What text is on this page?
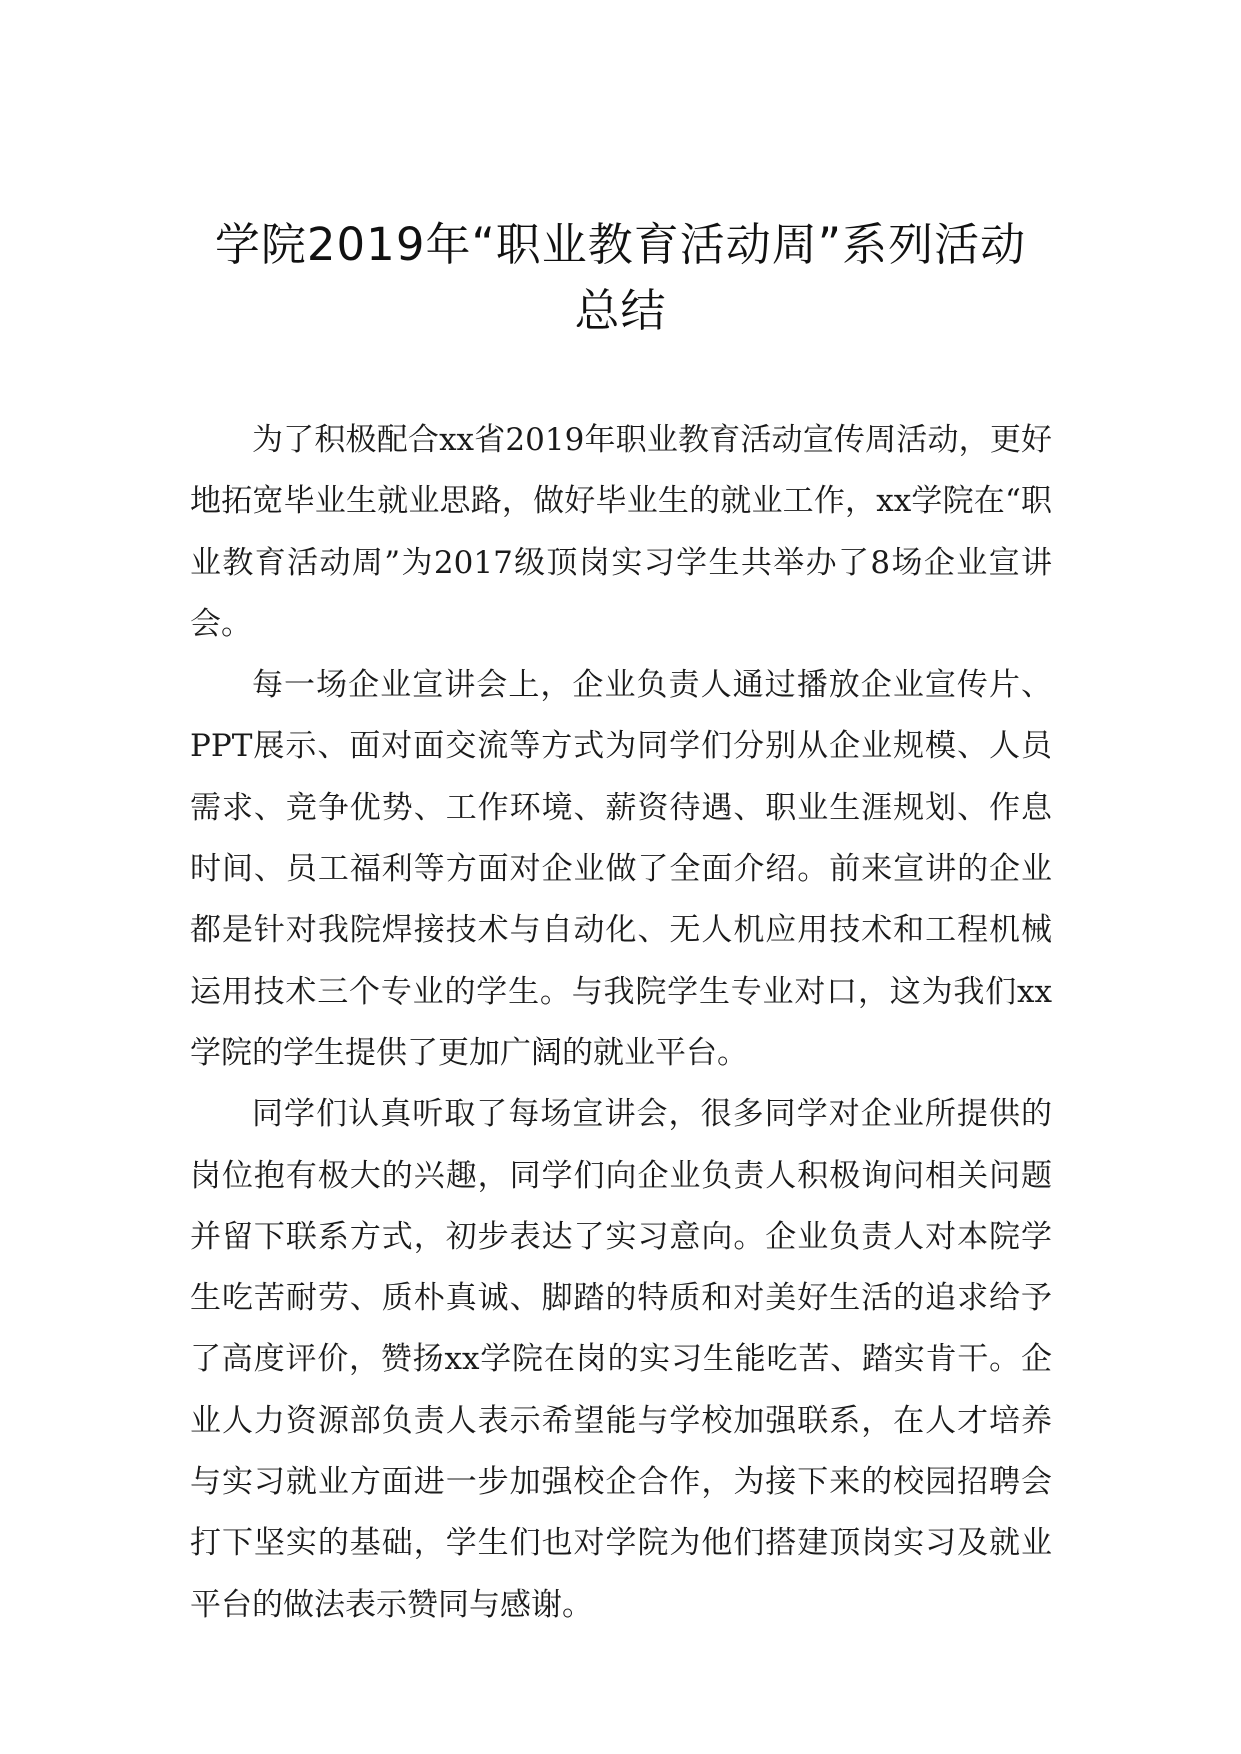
学院2019年“职业教育活动周”系列活动
总结

为了积极配合xx省2019年职业教育活动宣传周活动，更好地拓宽毕业生就业思路，做好毕业生的就业工作，xx学院在“职业教育活动周”为2017级顶岗实习学生共举办了8场企业宣讲会。

每一场企业宣讲会上，企业负责人通过播放企业宣传片、PPT展示、面对面交流等方式为同学们分别从企业规模、人员需求、竞争优势、工作环境、薪资待遇、职业生涯规划、作息时间、员工福利等方面对企业做了全面介绍。前来宣讲的企业都是针对我院焊接技术与自动化、无人机应用技术和工程机械运用技术三个专业的学生。与我院学生专业对口，这为我们xx学院的学生提供了更加广阔的就业平台。

同学们认真听取了每场宣讲会，很多同学对企业所提供的岗位抱有极大的兴趣，同学们向企业负责人积极询问相关问题并留下联系方式，初步表达了实习意向。企业负责人对本院学生吃苦耐劳、质朴真诚、脚踏的特质和对美好生活的追求给予了高度评价，赞扬xx学院在岗的实习生能吃苦、踏实肯干。企业人力资源部负责人表示希望能与学校加强联系，在人才培养与实习就业方面进一步加强校企合作，为接下来的校园招聘会打下坚实的基础，学生们也对学院为他们搭建顶岗实习及就业平台的做法表示赞同与感谢。
